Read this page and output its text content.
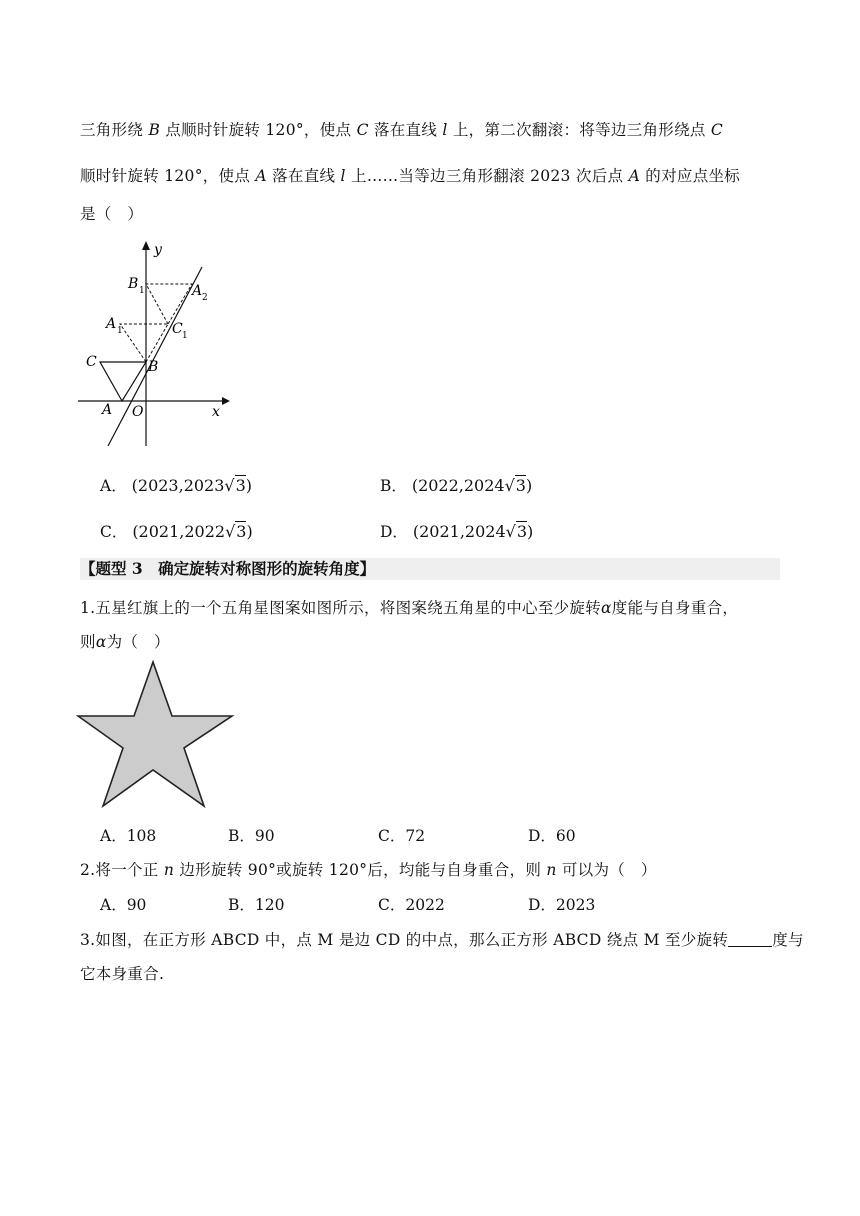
三角形绕 B 点顺时针旋转 120°，使点 C 落在直线 l 上，第二次翻滚：将等边三角形绕点 C
顺时针旋转 120°，使点 A 落在直线 l 上……当等边三角形翻滚 2023 次后点 A 的对应点坐标
是（　）
y
x
O
A
B
C
A 1	C 1
B 1	A 2
A． (2023,2023√3)	B． (2022,2024√3)
C． (2021,2022√3)	D． (2021,2024√3)
【题型 3　确定旋转对称图形的旋转角度】
1.五星红旗上的一个五角星图案如图所示，将图案绕五角星的中心至少旋转α度能与自身重合，
则α为（　）
A．108	B．90	C．72	D．60
2.将一个正 n 边形旋转 90°或旋转 120°后，均能与自身重合，则 n 可以为（　）
A．90	B．120	C．2022	D．2023
3.如图，在正方形 ABCD 中，点 M 是边 CD 的中点，那么正方形 ABCD 绕点 M 至少旋转	度与
它本身重合.
